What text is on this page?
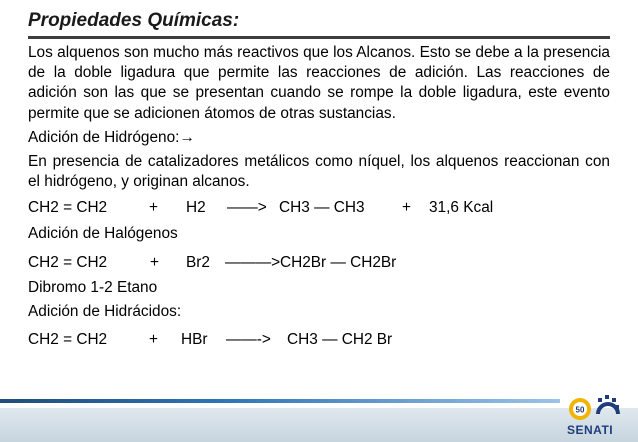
Propiedades Químicas:

Los alquenos son mucho más reactivos que los Alcanos. Esto se debe a la presencia de la doble ligadura que permite las reacciones de adición. Las reacciones de adición son las que se presentan cuando se rompe la doble ligadura, este evento permite que se adicionen átomos de otras sustancias.

Adición de Hidrógeno:→

En presencia de catalizadores metálicos como níquel, los alquenos reaccionan con el hidrógeno, y originan alcanos.

CH2 = CH2	+ H2 ——> CH3 — CH3 + 31,6 Kcal

Adición de Halógenos

CH2 = CH2	+ Br2 ———> CH2Br — CH2Br

Dibromo 1-2 Etano

Adición de Hidrácidos:

CH2 = CH2	+ HBr ——-> CH3 — CH2 Br
50
SENATI
